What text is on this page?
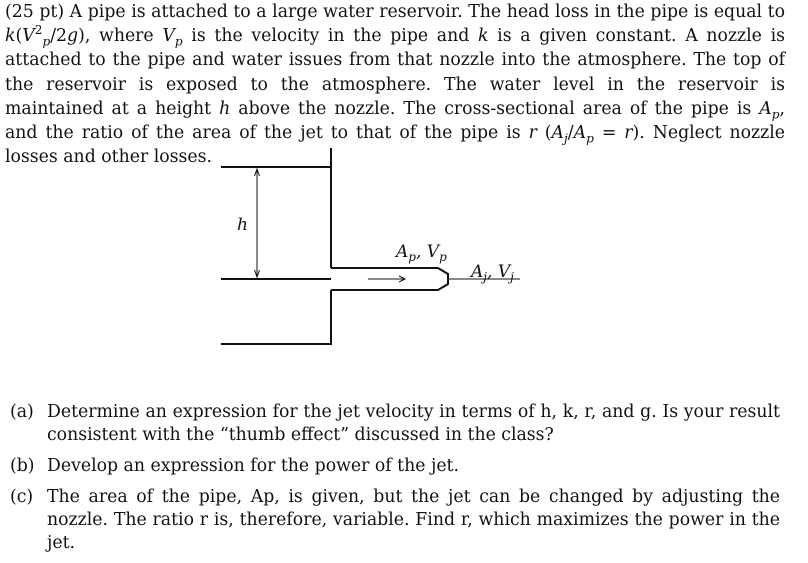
(25 pt) A pipe is attached to a large water reservoir. The head loss in the pipe is equal to $k(V^2_p/2g)$, where $V_p$ is the velocity in the pipe and k is a given constant. A nozzle is attached to the pipe and water issues from that nozzle into the atmosphere. The top of the reservoir is exposed to the atmosphere. The water level in the reservoir is maintained at a height h above the nozzle. The cross-sectional area of the pipe is $A_p$, and the ratio of the area of the jet to that of the pipe is r $(A_j/A_p = r)$. Neglect nozzle losses and other losses.

h
$A_p$, $V_p$
$A_j$, $V_j$
(a) Determine an expression for the jet velocity in terms of h, k, r, and g. Is your result consistent with the “thumb effect” discussed in the class?
(b) Develop an expression for the power of the jet.
(c) The area of the pipe, Ap, is given, but the jet can be changed by adjusting the nozzle. The ratio r is, therefore, variable. Find r, which maximizes the power in the jet.
